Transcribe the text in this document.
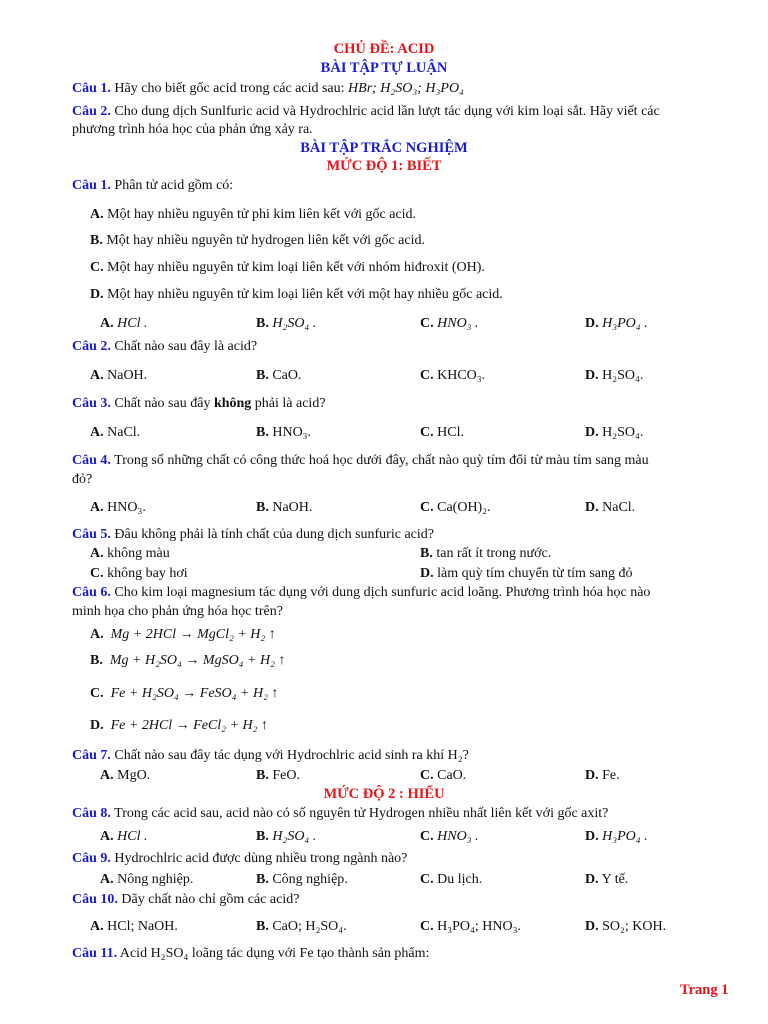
CHỦ ĐỀ: ACID
BÀI TẬP TỰ LUẬN
Câu 1. Hãy cho biết gốc acid trong các acid sau: HBr; H₂SO₃; H₃PO₄
Câu 2. Cho dung dịch Sunlfuric acid và Hydrochlric acid lần lượt tác dụng với kim loại sắt. Hãy viết các
phương trình hóa học của phản ứng xảy ra.
BÀI TẬP TRẮC NGHIỆM
MỨC ĐỘ 1: BIẾT
Câu 1. Phân tử acid gồm có:
A. Một hay nhiều nguyên tử phi kim liên kết với gốc acid.
B. Một hay nhiều nguyên tử hydrogen liên kết với gốc acid.
C. Một hay nhiều nguyên tử kim loại liên kết với nhóm hiđroxit (OH).
D. Một hay nhiều nguyên tử kim loại liên kết với một hay nhiều gốc acid.
A. HCl .	B. H₂SO₄ .	C. HNO₃ .	D. H₃PO₄ .
Câu 2. Chất nào sau đây là acid?
A. NaOH.	B. CaO.	C. KHCO₃.	D. H₂SO₄.
Câu 3. Chất nào sau đây không phải là acid?
A. NaCl.	B. HNO₃.	C. HCl.	D. H₂SO₄.
Câu 4. Trong số những chất có công thức hoá học dưới đây, chất nào quỳ tím đổi từ màu tím sang màu
đỏ?
A. HNO₃.	B. NaOH.	C. Ca(OH)₂.	D. NaCl.
Câu 5. Đâu không phải là tính chất của dung dịch sunfuric acid?
A. không màu	B. tan rất ít trong nước.
C. không bay hơi	D. làm quỳ tím chuyển từ tím sang đỏ
Câu 6. Cho kim loại magnesium tác dụng với dung dịch sunfuric acid loãng. Phương trình hóa học nào
minh họa cho phản ứng hóa học trên?
A. Mg + 2HCl → MgCl₂ + H₂ ↑
B. Mg + H₂SO₄ → MgSO₄ + H₂ ↑
C. Fe + H₂SO₄ → FeSO₄ + H₂ ↑
D. Fe + 2HCl → FeCl₂ + H₂ ↑
Câu 7. Chất nào sau đây tác dụng với Hydrochlric acid sinh ra khí H₂?
A. MgO.	B. FeO.	C. CaO.	D. Fe.
MỨC ĐỘ 2 : HIỂU
Câu 8. Trong các acid sau, acid nào có số nguyên tử Hydrogen nhiều nhất liên kết với gốc axit?
A. HCl .	B. H₂SO₄ .	C. HNO₃ .	D. H₃PO₄ .
Câu 9. Hydrochlric acid được dùng nhiều trong ngành nào?
A. Nông nghiệp.	B. Công nghiệp.	C. Du lịch.	D. Y tế.
Câu 10. Dãy chất nào chỉ gồm các acid?
A. HCl; NaOH.	B. CaO; H₂SO₄.	C. H₃PO₄; HNO₃.	D. SO₂; KOH.
Câu 11. Acid H₂SO₄ loãng tác dụng với Fe tạo thành sản phẩm:
Trang 1
